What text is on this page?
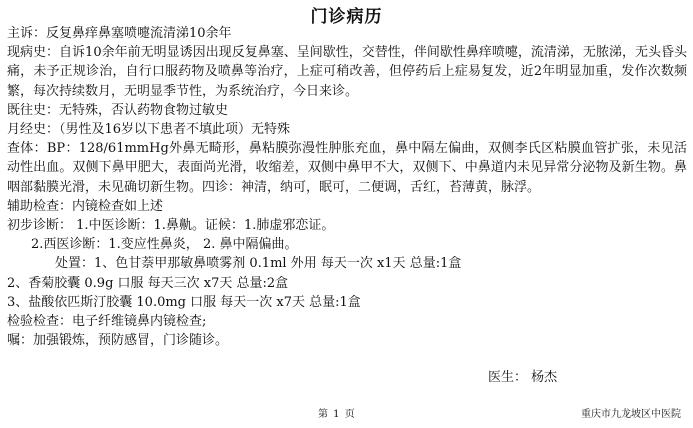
门诊病历

主诉：反复鼻痒鼻塞喷嚏流清涕10余年

现病史：自诉10余年前无明显诱因出现反复鼻塞、呈间歇性，交替性，伴间歇性鼻痒喷嚏，流清涕，无脓涕，无头昏头痛，未予正规诊治，自行口服药物及喷鼻等治疗，上症可稍改善，但停药后上症易复发，近2年明显加重，发作次数频繁，每次持续数月，无明显季节性，为系统治疗，今日来诊。

既往史：无特殊，否认药物食物过敏史

月经史：（男性及16岁以下患者不填此项）无特殊

查体：BP：128/61mmHg外鼻无畸形，鼻粘膜弥漫性肿胀充血，鼻中隔左偏曲，双侧李氏区粘膜血管扩张，未见活动性出血。双侧下鼻甲肥大，表面尚光滑，收缩差，双侧中鼻甲不大，双侧下、中鼻道内未见异常分泌物及新生物。鼻咽部黏膜光滑，未见确切新生物。四诊：神清，纳可，眠可，二便调，舌红，苔薄黄，脉浮。

辅助检查：内镜检查如上述

初步诊断： 1.中医诊断：1.鼻鼽。证候：1.肺虚邪恋证。

2.西医诊断：1.变应性鼻炎， 2. 鼻中隔偏曲。

处置：1、色甘萘甲那敏鼻喷雾剂 0.1ml 外用 每天一次 x1天 总量:1盒

2、香菊胶囊 0.9g 口服 每天三次 x7天 总量:2盒

3、盐酸依匹斯汀胶囊 10.0mg 口服 每天一次 x7天 总量:1盒

检验检查：电子纤维镜鼻内镜检查;

嘱：加强锻炼，预防感冒，门诊随诊。

医生： 杨杰
第 1 页	重庆市九龙坡区中医院
